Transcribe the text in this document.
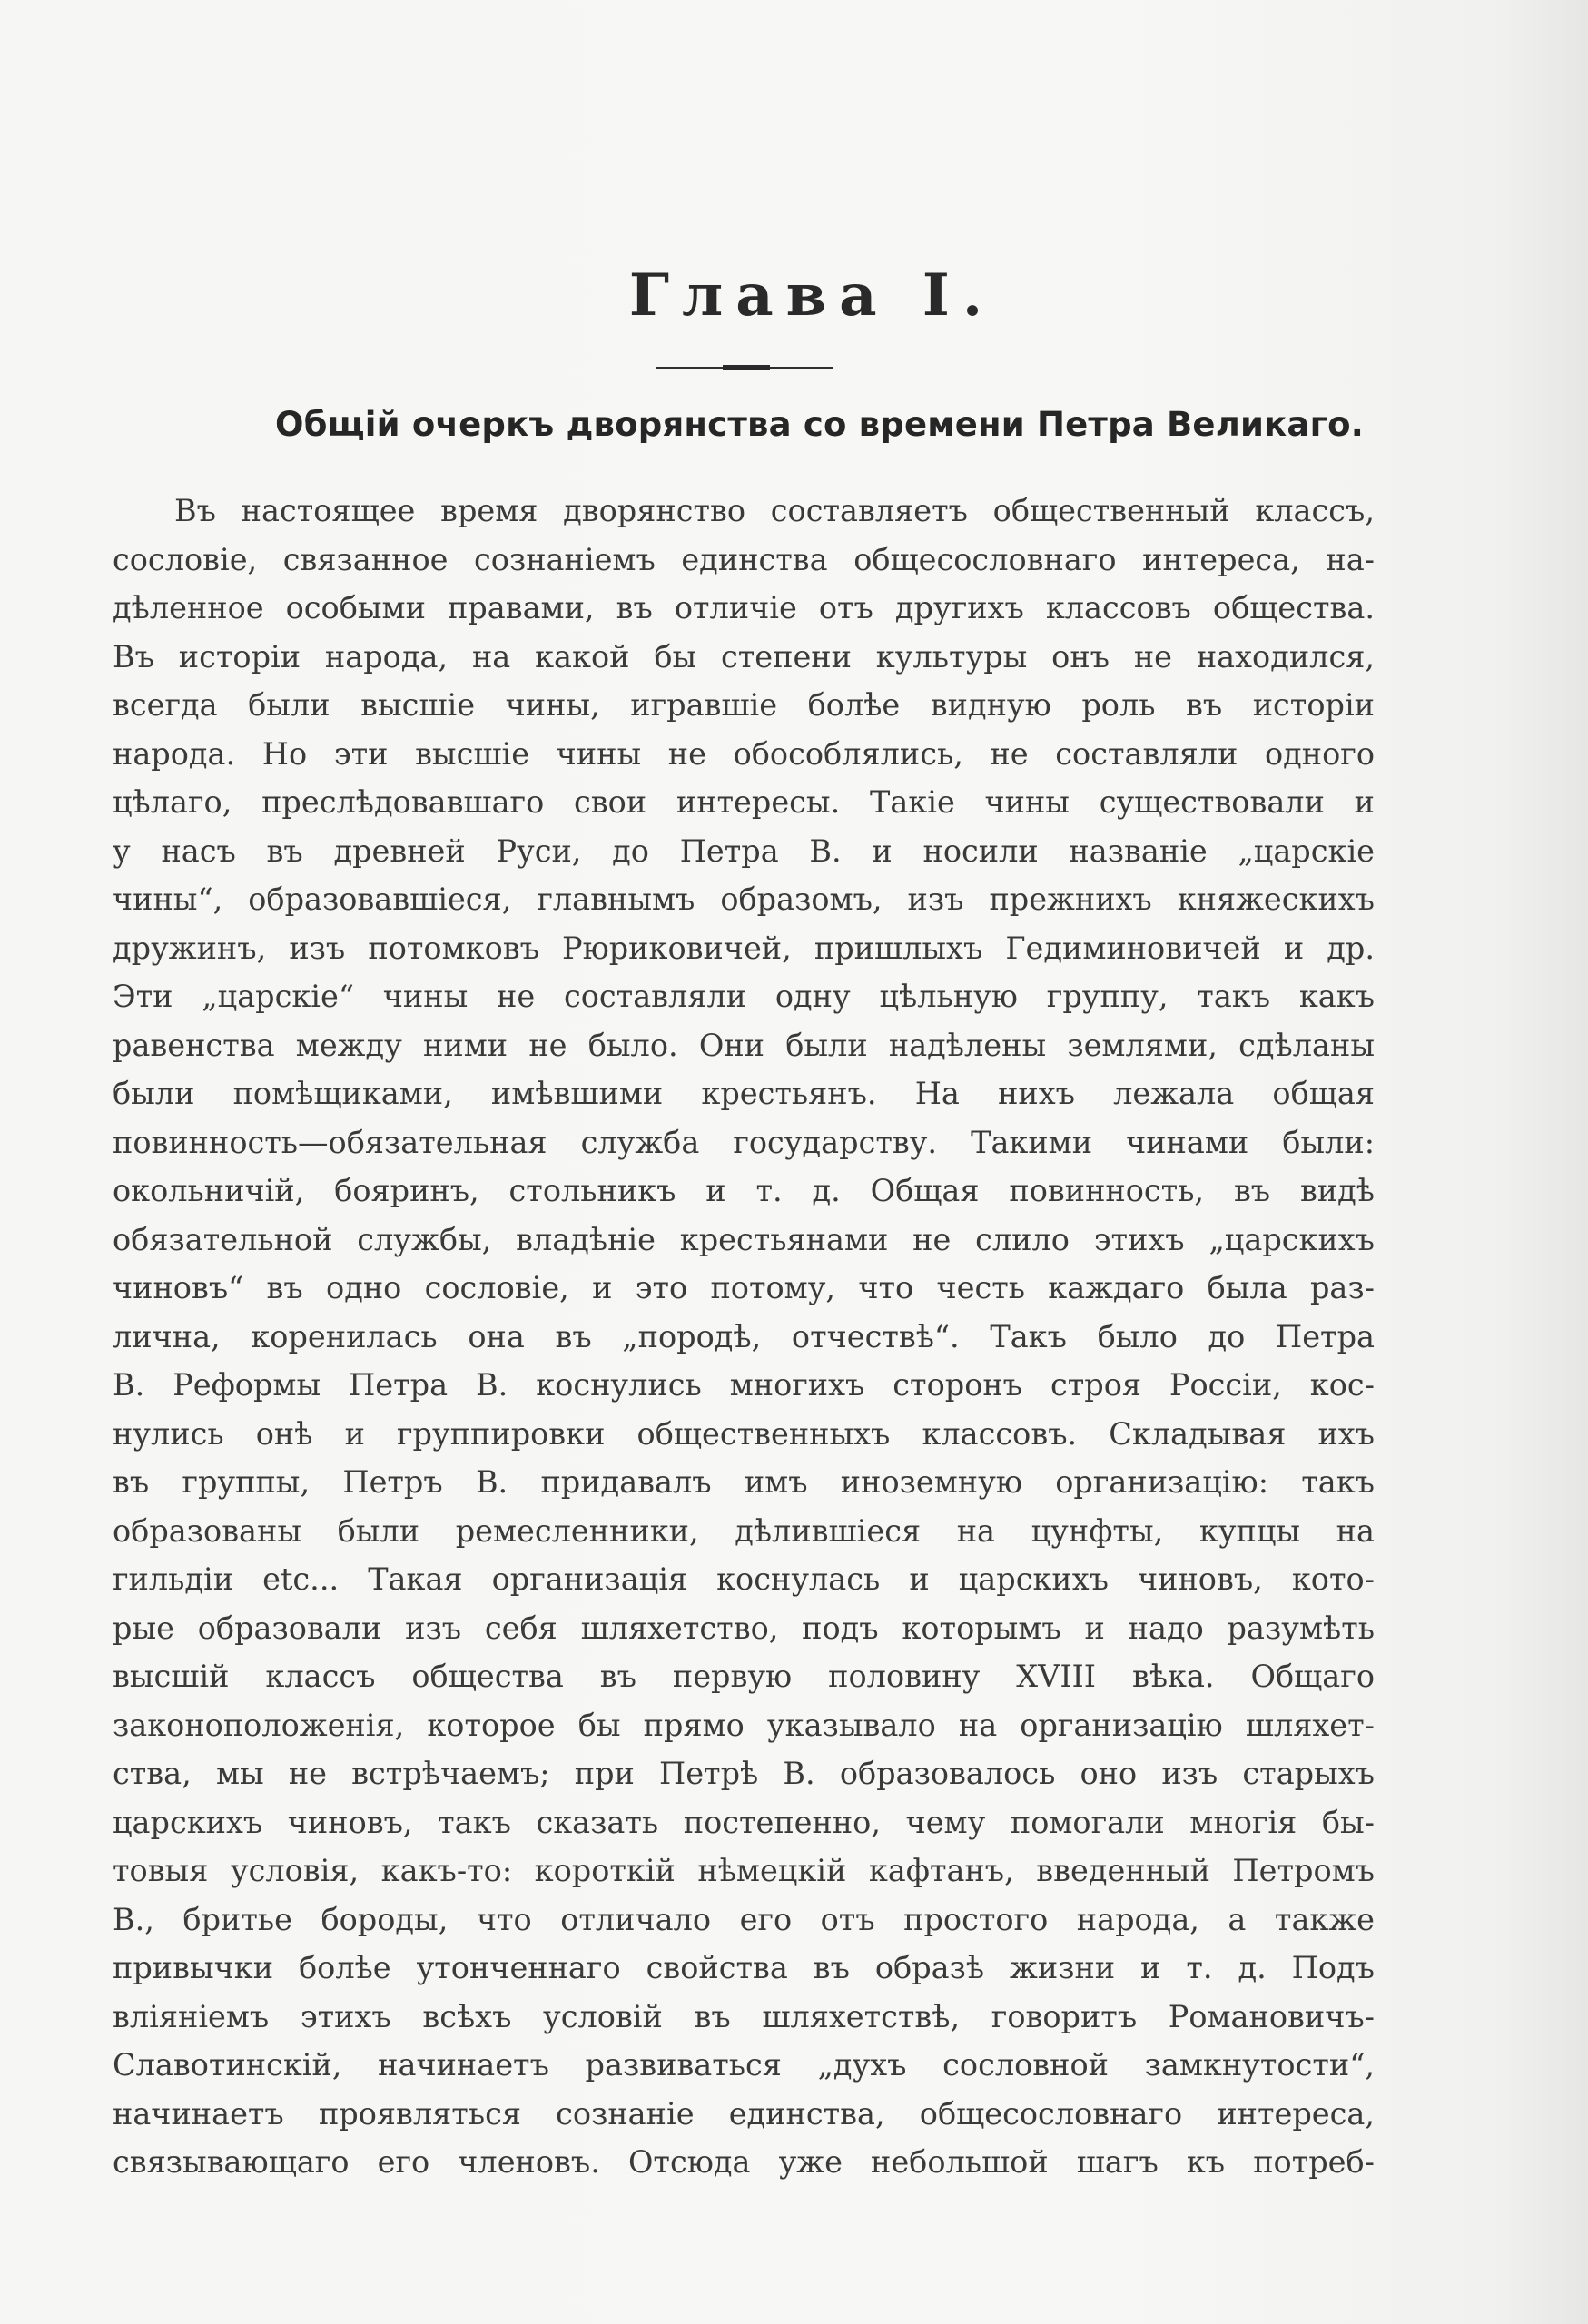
Глава I.
Общій очеркъ дворянства со времени Петра Великаго.
Въ настоящее время дворянство составляетъ общественный классъ,
сословіе, связанное сознаніемъ единства общесословнаго интереса, на-
дѣленное особыми правами, въ отличіе отъ другихъ классовъ общества.
Въ исторіи народа, на какой бы степени культуры онъ не находился,
всегда были высшіе чины, игравшіе болѣе видную роль въ исторіи
народа. Но эти высшіе чины не обособлялись, не составляли одного
цѣлаго, преслѣдовавшаго свои интересы. Такіе чины существовали и
у насъ въ древней Руси, до Петра В. и носили названіе „царскіе
чины“, образовавшіеся, главнымъ образомъ, изъ прежнихъ княжескихъ
дружинъ, изъ потомковъ Рюриковичей, пришлыхъ Гедиминовичей и др.
Эти „царскіе“ чины не составляли одну цѣльную группу, такъ какъ
равенства между ними не было. Они были надѣлены землями, сдѣланы
были помѣщиками, имѣвшими крестьянъ. На нихъ лежала общая
повинность—обязательная служба государству. Такими чинами были:
окольничій, бояринъ, стольникъ и т. д. Общая повинность, въ видѣ
обязательной службы, владѣніе крестьянами не слило этихъ „царскихъ
чиновъ“ въ одно сословіе, и это потому, что честь каждаго была раз-
лична, коренилась она въ „породѣ, отчествѣ“. Такъ было до Петра
В. Реформы Петра В. коснулись многихъ сторонъ строя Россіи, кос-
нулись онѣ и группировки общественныхъ классовъ. Складывая ихъ
въ группы, Петръ В. придавалъ имъ иноземную организацію: такъ
образованы были ремесленники, дѣлившіеся на цунфты, купцы на
гильдіи etc... Такая организація коснулась и царскихъ чиновъ, кото-
рые образовали изъ себя шляхетство, подъ которымъ и надо разумѣть
высшій классъ общества въ первую половину XVIII вѣка. Общаго
законоположенія, которое бы прямо указывало на организацію шляхет-
ства, мы не встрѣчаемъ; при Петрѣ В. образовалось оно изъ старыхъ
царскихъ чиновъ, такъ сказать постепенно, чему помогали многія бы-
товыя условія, какъ-то: короткій нѣмецкій кафтанъ, введенный Петромъ
В., бритье бороды, что отличало его отъ простого народа, а также
привычки болѣе утонченнаго свойства въ образѣ жизни и т. д. Подъ
вліяніемъ этихъ всѣхъ условій въ шляхетствѣ, говоритъ Романовичъ-
Славотинскій, начинаетъ развиваться „духъ сословной замкнутости“,
начинаетъ проявляться сознаніе единства, общесословнаго интереса,
связывающаго его членовъ. Отсюда уже небольшой шагъ къ потреб-
